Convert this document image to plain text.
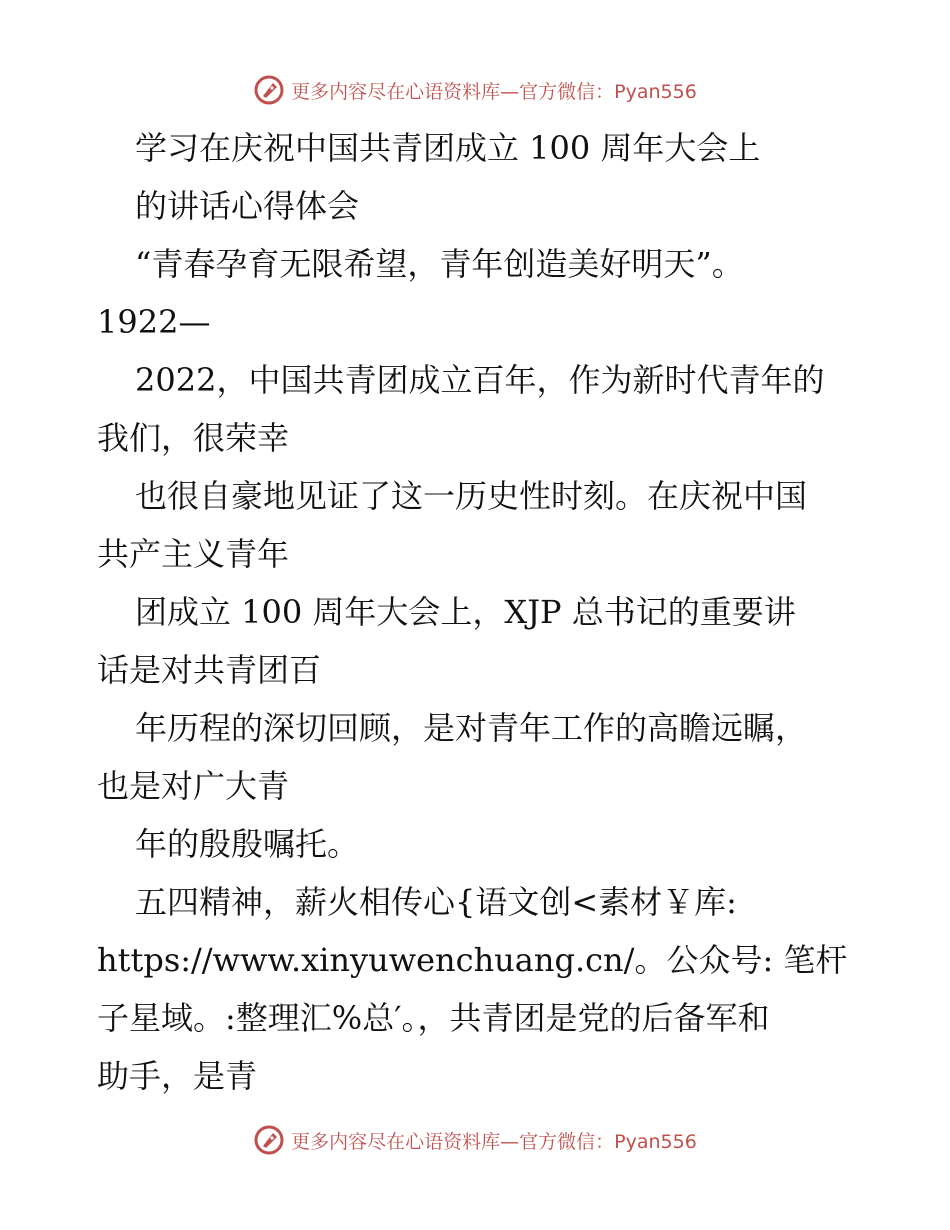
更多内容尽在心语资料库—官方微信：Pyan556

学习在庆祝中国共青团成立 100 周年大会上

的讲话心得体会

“青春孕育无限希望，青年创造美好明天”。

1922—

2022，中国共青团成立百年，作为新时代青年的

我们，很荣幸

也很自豪地见证了这一历史性时刻。在庆祝中国

共产主义青年

团成立 100 周年大会上，XJP 总书记的重要讲

话是对共青团百

年历程的深切回顾，是对青年工作的高瞻远瞩，

也是对广大青

年的殷殷嘱托。

五四精神，薪火相传心{语文创<素材￥库:

https://www.xinyuwenchuang.cn/。公众号: 笔杆

子星域。:整理汇%总′。，共青团是党的后备军和

助手，是青

更多内容尽在心语资料库—官方微信：Pyan556
